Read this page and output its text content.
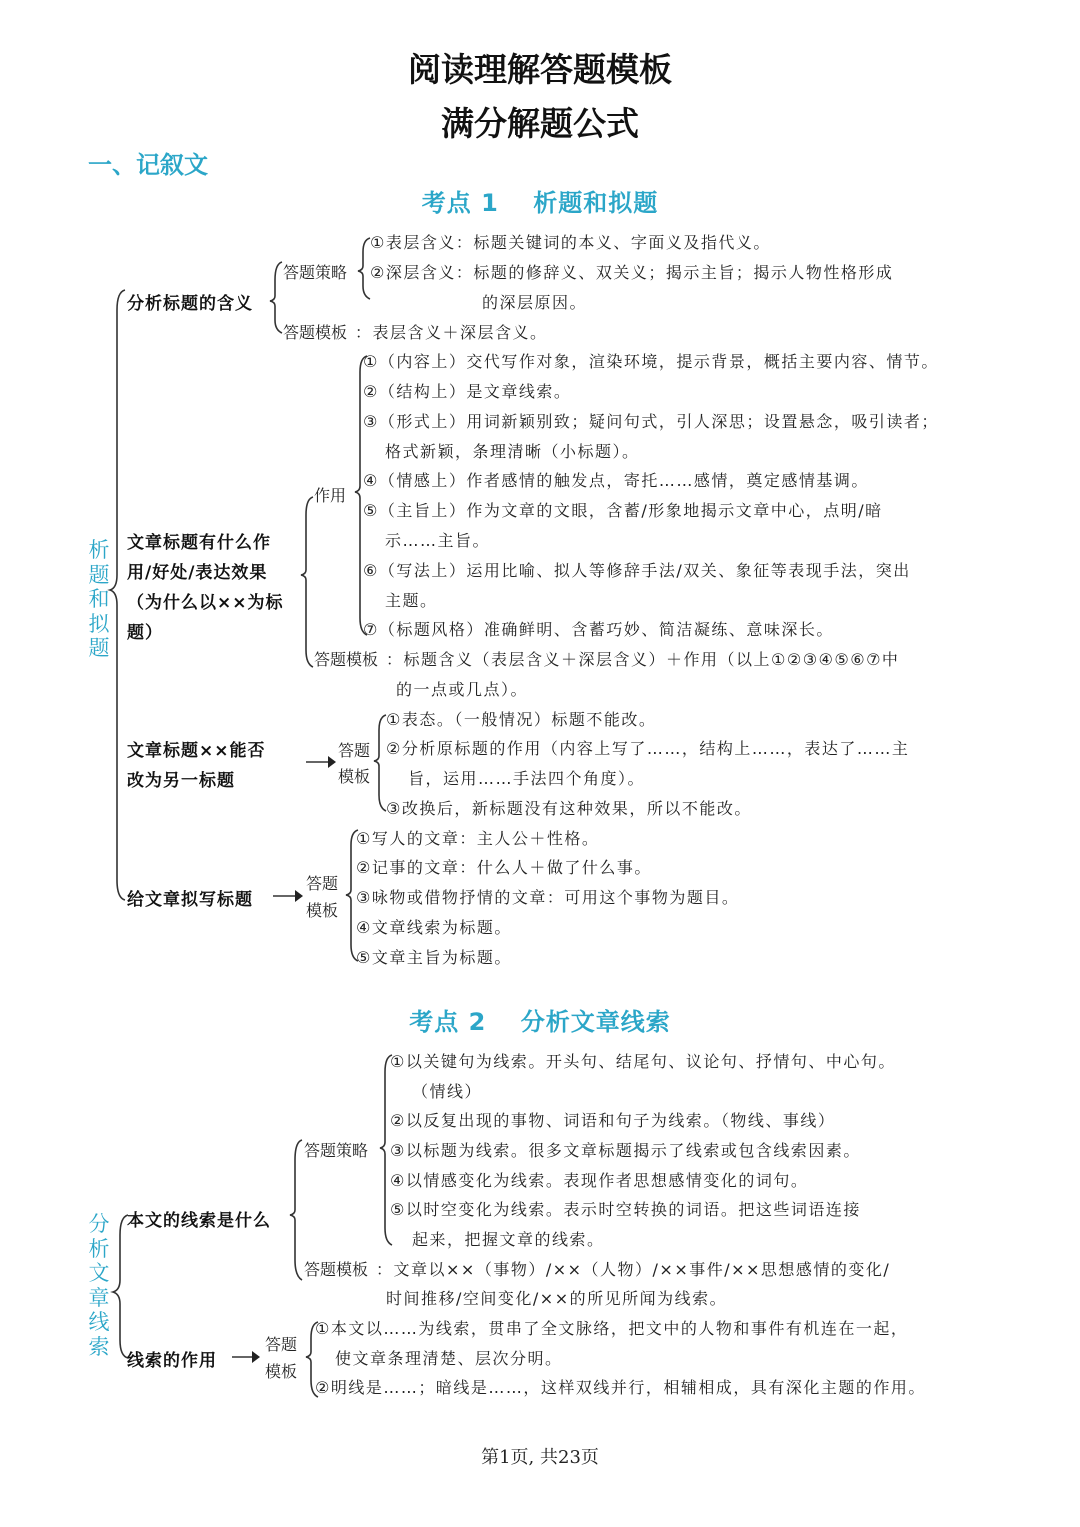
阅读理解答题模板
满分解题公式
一、记叙文
考点 1　 析题和拟题
析题和拟题
分析标题的含义
答题策略
①表层含义：标题关键词的本义、字面义及指代义。
②深层含义：标题的修辞义、双关义；揭示主旨；揭示人物性格形成
的深层原因。
答题模板 ：表层含义＋深层含义。
文章标题有什么作
用/好处/表达效果
（为什么以××为标
题）
作用
①（内容上）交代写作对象，渲染环境，提示背景，概括主要内容、情节。
②（结构上）是文章线索。
③（形式上）用词新颖别致；疑问句式，引人深思；设置悬念，吸引读者；
格式新颖，条理清晰（小标题）。
④（情感上）作者感情的触发点，寄托……感情，奠定感情基调。
⑤（主旨上）作为文章的文眼，含蓄/形象地揭示文章中心，点明/暗
示……主旨。
⑥（写法上）运用比喻、拟人等修辞手法/双关、象征等表现手法，突出
主题。
⑦（标题风格）准确鲜明、含蓄巧妙、简洁凝练、意味深长。
答题模板 ：标题含义（表层含义＋深层含义）＋作用（以上①②③④⑤⑥⑦中
的一点或几点）。
文章标题××能否
改为另一标题
答题
模板
①表态。（一般情况）标题不能改。
②分析原标题的作用（内容上写了……，结构上……，表达了……主
旨，运用……手法四个角度）。
③改换后，新标题没有这种效果，所以不能改。
给文章拟写标题
答题
模板
①写人的文章：主人公＋性格。
②记事的文章：什么人＋做了什么事。
③咏物或借物抒情的文章：可用这个事物为题目。
④文章线索为标题。
⑤文章主旨为标题。
考点 2　 分析文章线索
分析文章线索
本文的线索是什么
答题策略
①以关键句为线索。开头句、结尾句、议论句、抒情句、中心句。
（情线）
②以反复出现的事物、词语和句子为线索。（物线、事线）
③以标题为线索。很多文章标题揭示了线索或包含线索因素。
④以情感变化为线索。表现作者思想感情变化的词句。
⑤以时空变化为线索。表示时空转换的词语。把这些词语连接
起来，把握文章的线索。
答题模板 ：文章以××（事物）/××（人物）/××事件/××思想感情的变化/
时间推移/空间变化/××的所见所闻为线索。
线索的作用
答题
模板
①本文以……为线索，贯串了全文脉络，把文中的人物和事件有机连在一起，
使文章条理清楚、层次分明。
②明线是……；暗线是……，这样双线并行，相辅相成，具有深化主题的作用。
第1页, 共23页
